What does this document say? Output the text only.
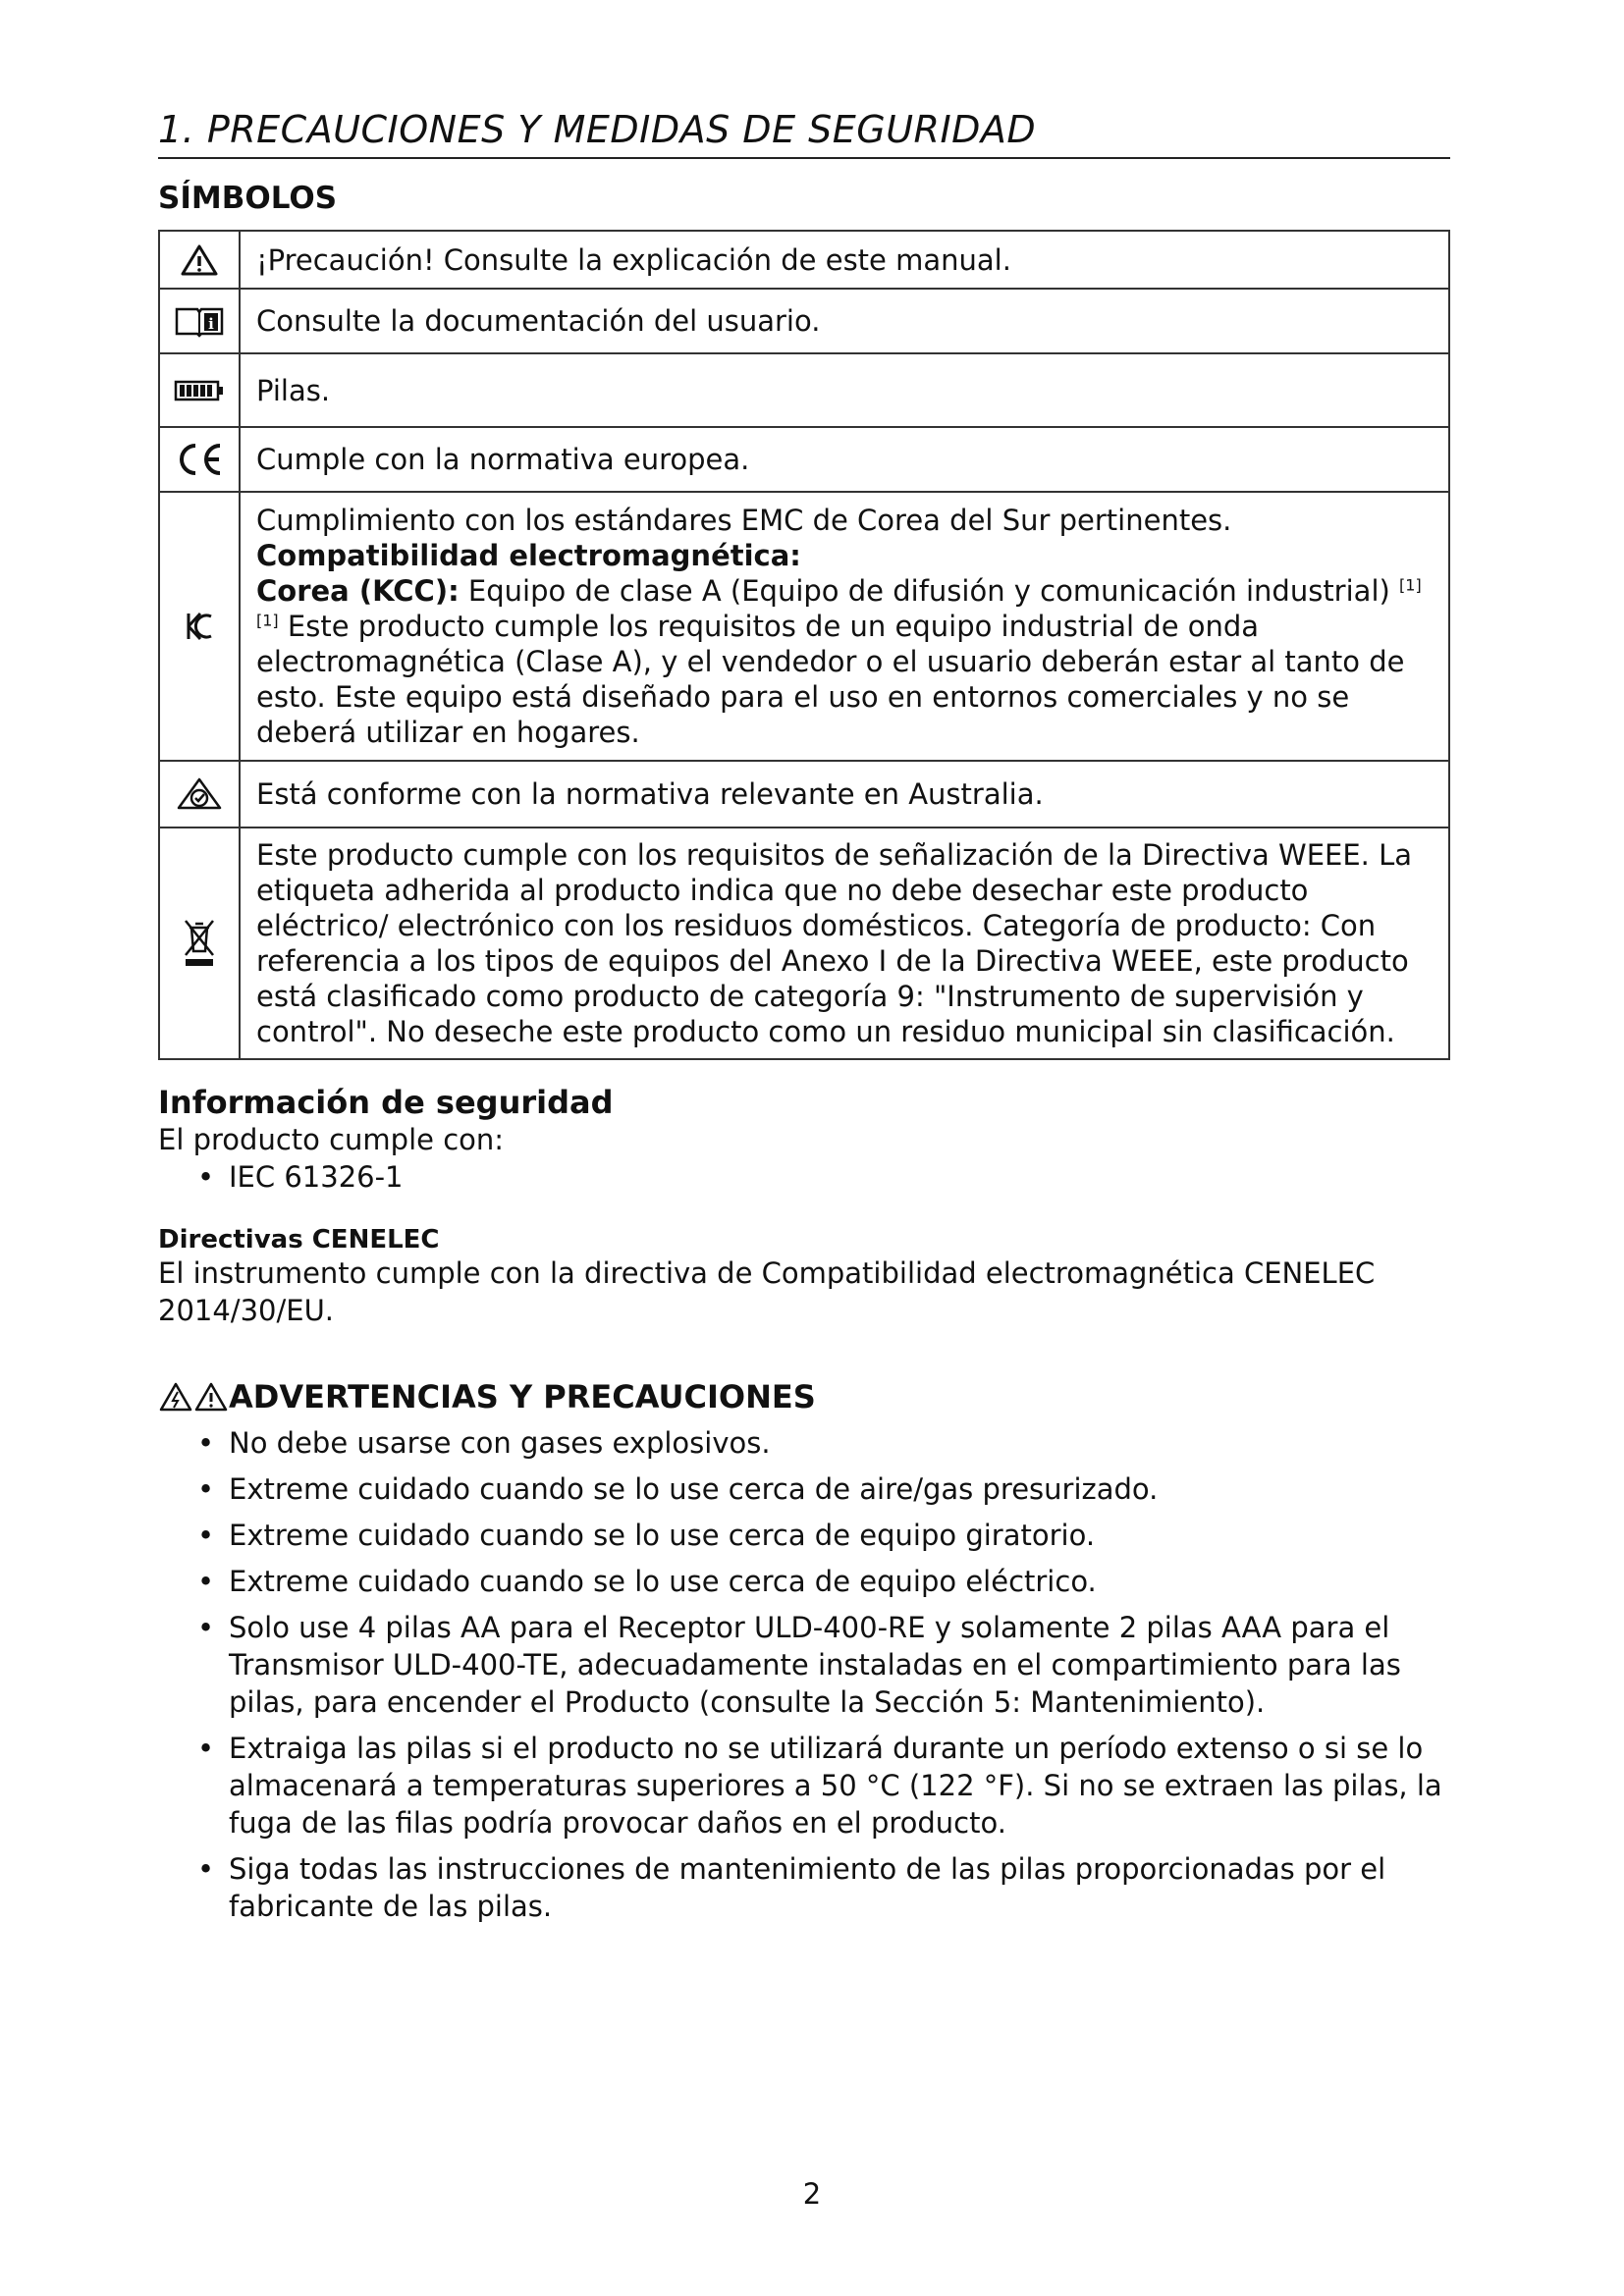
1. PRECAUCIONES Y MEDIDAS DE SEGURIDAD
SÍMBOLOS
	¡Precaución! Consulte la explicación de este manual.

i	Consulte la documentación del usuario.

	Pilas.

	Cumple con la normativa europea.

Cumplimiento con los estándares EMC de Corea del Sur pertinentes.

Compatibilidad electromagnética:

Corea (KCC): Equipo de clase A (Equipo de difusión y comunicación industrial) [1]

[1] Este producto cumple los requisitos de un equipo industrial de onda electromagnética (Clase A), y el vendedor o el usuario deberán estar al tanto de esto. Este equipo está diseñado para el uso en entornos comerciales y no se deberá utilizar en hogares.

	Está conforme con la normativa relevante en Australia.

	Este producto cumple con los requisitos de señalización de la Directiva WEEE. La etiqueta adherida al producto indica que no debe desechar este producto eléctrico/ electrónico con los residuos domésticos. Categoría de producto: Con referencia a los tipos de equipos del Anexo I de la Directiva WEEE, este producto está clasificado como producto de categoría 9: "Instrumento de supervisión y control". No deseche este producto como un residuo municipal sin clasificación.
Información de seguridad

El producto cumple con:

• IEC 61326-1
Directivas CENELEC

El instrumento cumple con la directiva de Compatibilidad electromagnética CENELEC 2014/30/EU.

ADVERTENCIAS Y PRECAUCIONES
• No debe usarse con gases explosivos.
• Extreme cuidado cuando se lo use cerca de aire/gas presurizado.
• Extreme cuidado cuando se lo use cerca de equipo giratorio.
• Extreme cuidado cuando se lo use cerca de equipo eléctrico.
• Solo use 4 pilas AA para el Receptor ULD-400-RE y solamente 2 pilas AAA para el Transmisor ULD-400-TE, adecuadamente instaladas en el compartimiento para las pilas, para encender el Producto (consulte la Sección 5: Mantenimiento).
• Extraiga las pilas si el producto no se utilizará durante un período extenso o si se lo almacenará a temperaturas superiores a 50 °C (122 °F). Si no se extraen las pilas, la fuga de las filas podría provocar daños en el producto.
• Siga todas las instrucciones de mantenimiento de las pilas proporcionadas por el fabricante de las pilas.
2
